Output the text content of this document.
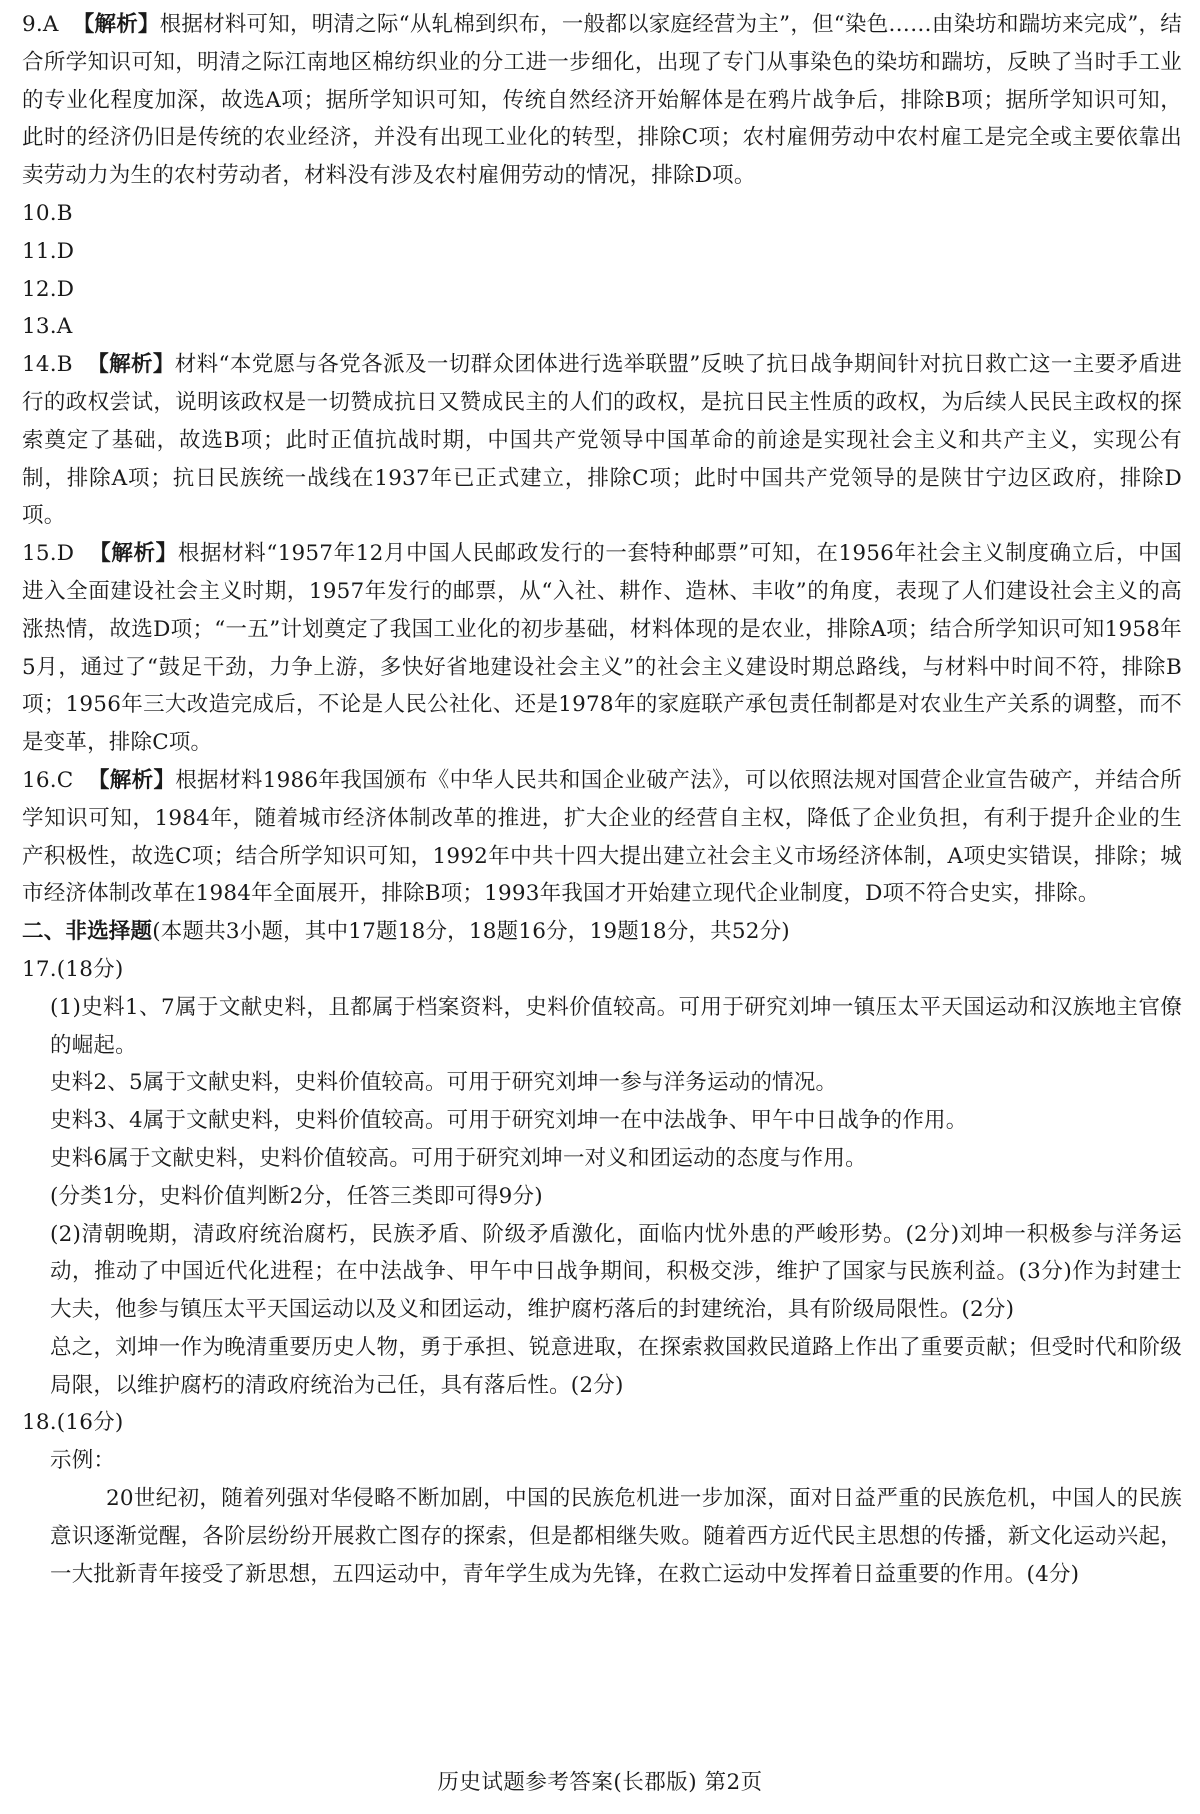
9.A 【解析】根据材料可知，明清之际“从轧棉到织布，一般都以家庭经营为主”，但“染色……由染坊和踹坊来完成”，结合所学知识可知，明清之际江南地区棉纺织业的分工进一步细化，出现了专门从事染色的染坊和踹坊，反映了当时手工业的专业化程度加深，故选A项；据所学知识可知，传统自然经济开始解体是在鸦片战争后，排除B项；据所学知识可知，此时的经济仍旧是传统的农业经济，并没有出现工业化的转型，排除C项；农村雇佣劳动中农村雇工是完全或主要依靠出卖劳动力为生的农村劳动者，材料没有涉及农村雇佣劳动的情况，排除D项。

10.B

11.D

12.D

13.A

14.B 【解析】材料“本党愿与各党各派及一切群众团体进行选举联盟”反映了抗日战争期间针对抗日救亡这一主要矛盾进行的政权尝试，说明该政权是一切赞成抗日又赞成民主的人们的政权，是抗日民主性质的政权，为后续人民民主政权的探索奠定了基础，故选B项；此时正值抗战时期，中国共产党领导中国革命的前途是实现社会主义和共产主义，实现公有制，排除A项；抗日民族统一战线在1937年已正式建立，排除C项；此时中国共产党领导的是陕甘宁边区政府，排除D项。

15.D 【解析】根据材料“1957年12月中国人民邮政发行的一套特种邮票”可知，在1956年社会主义制度确立后，中国进入全面建设社会主义时期，1957年发行的邮票，从“入社、耕作、造林、丰收”的角度，表现了人们建设社会主义的高涨热情，故选D项；“一五”计划奠定了我国工业化的初步基础，材料体现的是农业，排除A项；结合所学知识可知1958年5月，通过了“鼓足干劲，力争上游，多快好省地建设社会主义”的社会主义建设时期总路线，与材料中时间不符，排除B项；1956年三大改造完成后，不论是人民公社化、还是1978年的家庭联产承包责任制都是对农业生产关系的调整，而不是变革，排除C项。

16.C 【解析】根据材料1986年我国颁布《中华人民共和国企业破产法》，可以依照法规对国营企业宣告破产，并结合所学知识可知，1984年，随着城市经济体制改革的推进，扩大企业的经营自主权，降低了企业负担，有利于提升企业的生产积极性，故选C项；结合所学知识可知，1992年中共十四大提出建立社会主义市场经济体制，A项史实错误，排除；城市经济体制改革在1984年全面展开，排除B项；1993年我国才开始建立现代企业制度，D项不符合史实，排除。

二、非选择题(本题共3小题，其中17题18分，18题16分，19题18分，共52分)

17.(18分)

(1)史料1、7属于文献史料，且都属于档案资料，史料价值较高。可用于研究刘坤一镇压太平天国运动和汉族地主官僚的崛起。

史料2、5属于文献史料，史料价值较高。可用于研究刘坤一参与洋务运动的情况。

史料3、4属于文献史料，史料价值较高。可用于研究刘坤一在中法战争、甲午中日战争的作用。

史料6属于文献史料，史料价值较高。可用于研究刘坤一对义和团运动的态度与作用。

(分类1分，史料价值判断2分，任答三类即可得9分)

(2)清朝晚期，清政府统治腐朽，民族矛盾、阶级矛盾激化，面临内忧外患的严峻形势。(2分)刘坤一积极参与洋务运动，推动了中国近代化进程；在中法战争、甲午中日战争期间，积极交涉，维护了国家与民族利益。(3分)作为封建士大夫，他参与镇压太平天国运动以及义和团运动，维护腐朽落后的封建统治，具有阶级局限性。(2分)

总之，刘坤一作为晚清重要历史人物，勇于承担、锐意进取，在探索救国救民道路上作出了重要贡献；但受时代和阶级局限，以维护腐朽的清政府统治为己任，具有落后性。(2分)

18.(16分)

示例：

20世纪初，随着列强对华侵略不断加剧，中国的民族危机进一步加深，面对日益严重的民族危机，中国人的民族意识逐渐觉醒，各阶层纷纷开展救亡图存的探索，但是都相继失败。随着西方近代民主思想的传播，新文化运动兴起，一大批新青年接受了新思想，五四运动中，青年学生成为先锋，在救亡运动中发挥着日益重要的作用。(4分)

历史试题参考答案(长郡版) 第2页
